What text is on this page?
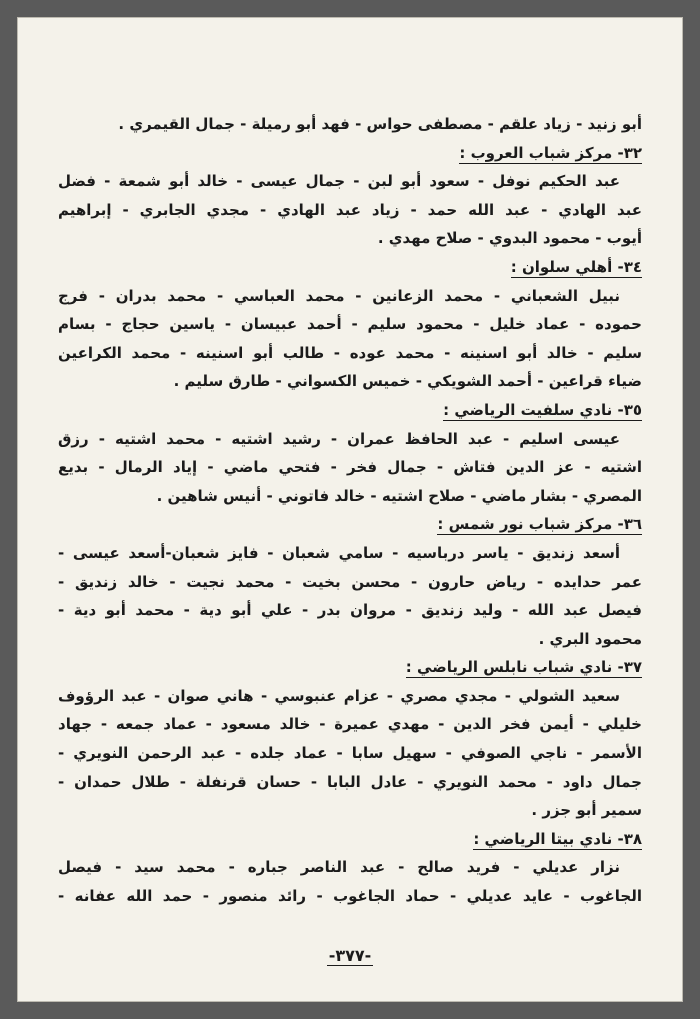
أبو زنيد - زياد علقم - مصطفى حواس - فهد أبو رميلة - جمال القيمري .
٣٢- مركز شباب العروب :
عبد الحكيم نوفل - سعود أبو لبن - جمال عيسى - خالد أبو شمعة - فضل
عبد الهادي - عبد الله حمد - زياد عبد الهادي - مجدي الجابري - إبراهيم
أيوب - محمود البدوي - صلاح مهدي .
٣٤- أهلي سلوان :
نبيل الشعباني - محمد الزعانين - محمد العباسي - محمد بدران - فرج
حموده - عماد خليل - محمود سليم - أحمد عبيسان - ياسين حجاج - بسام
سليم - خالد أبو اسنينه - محمد عوده - طالب أبو اسنينه - محمد الكراعين
ضياء قراعين - أحمد الشويكي - خميس الكسواني - طارق سليم .
٣٥- نادي سلفيت الرياضي :
عيسى اسليم - عبد الحافظ عمران - رشيد اشتيه - محمد اشتيه - رزق
اشتيه - عز الدين فتاش - جمال فخر - فتحي ماضي - إياد الرمال - بديع
المصري - بشار ماضي - صلاح اشتيه - خالد فاتوني - أنيس شاهين .
٣٦- مركز شباب نور شمس :
أسعد زنديق - ياسر درباسيه - سامي شعبان - فايز شعبان-أسعد عيسى -
عمر حدايده - رياض حارون - محسن بخيت - محمد نجيت - خالد زنديق -
فيصل عبد الله - وليد زنديق - مروان بدر - علي أبو دية - محمد أبو دية -
محمود البري .
٣٧- نادي شباب نابلس الرياضي :
سعيد الشولي - مجدي مصري - عزام عنبوسي - هاني صوان - عبد الرؤوف
خليلي - أيمن فخر الدين - مهدي عميرة - خالد مسعود - عماد جمعه - جهاد
الأسمر - ناجي الصوفي - سهيل سابا - عماد جلده - عبد الرحمن النويري -
جمال داود - محمد النويري - عادل البابا - حسان قرنفلة - طلال حمدان -
سمير أبو جزر .
٣٨- نادي بيتا الرياضي :
نزار عديلي - فريد صالح - عبد الناصر جباره - محمد سيد - فيصل
الجاغوب - عايد عديلي - حماد الجاغوب - رائد منصور - حمد الله عفانه -
-٣٧٧-
